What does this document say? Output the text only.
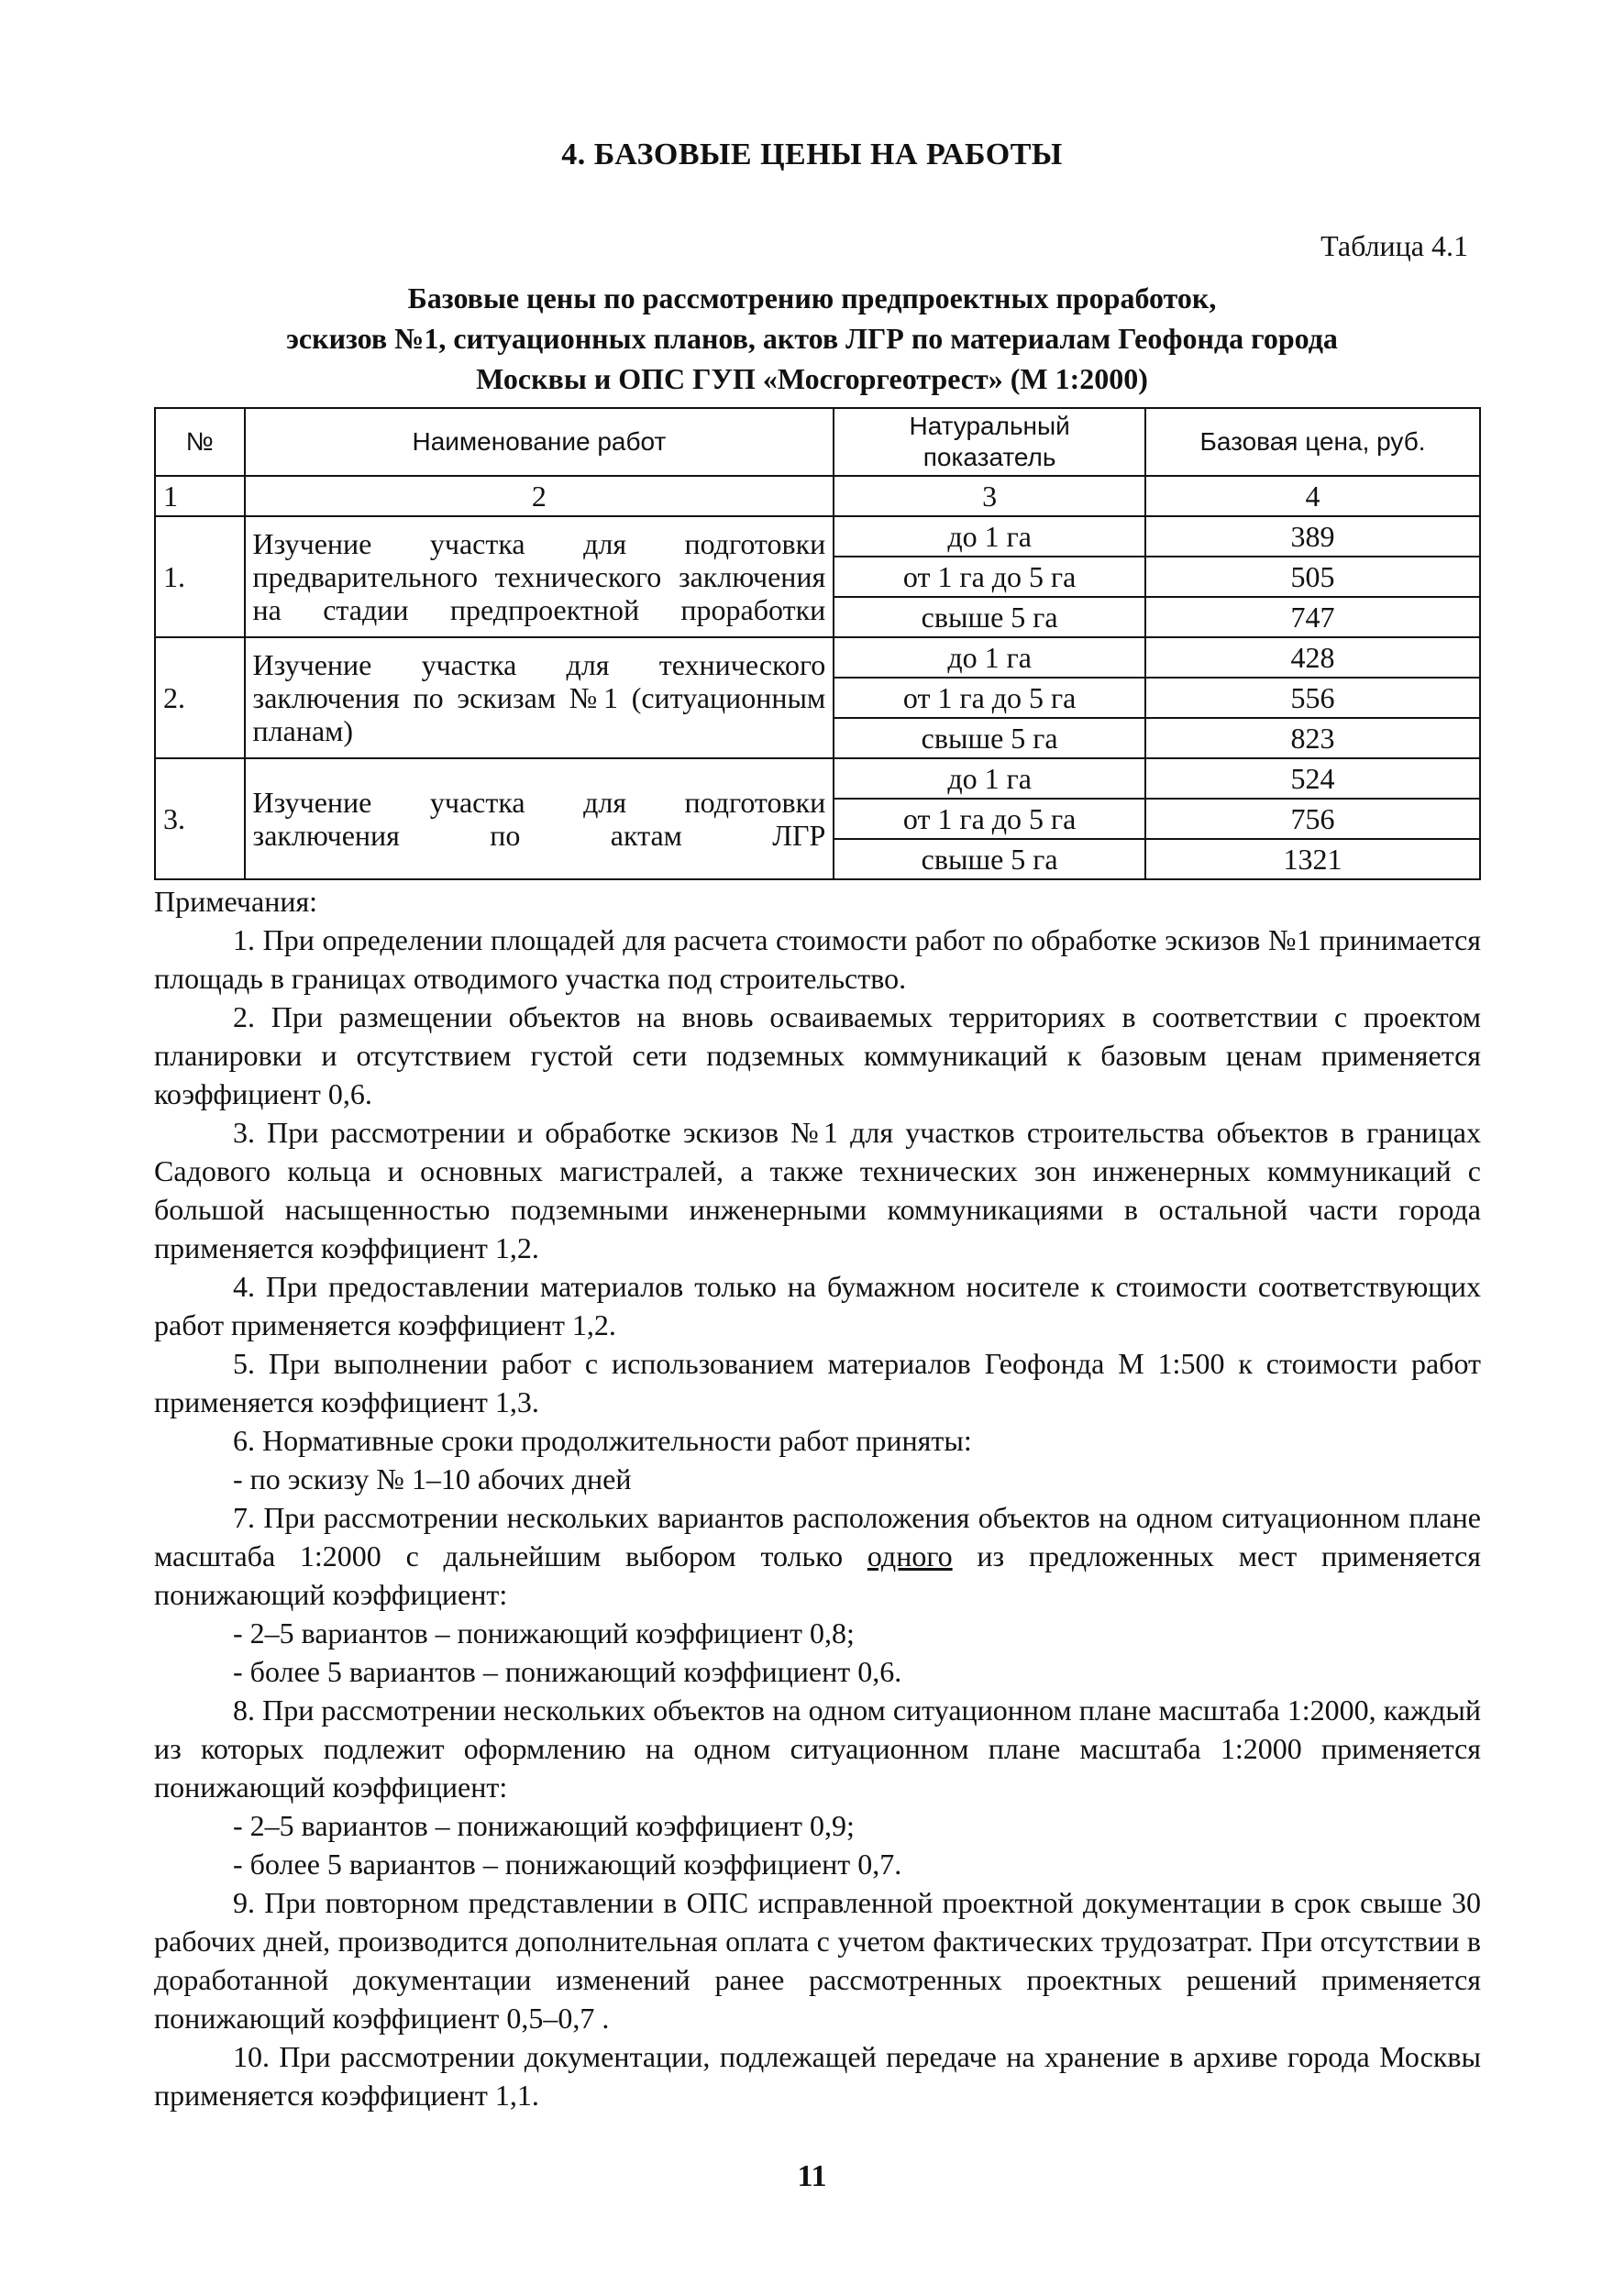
4. БАЗОВЫЕ ЦЕНЫ НА РАБОТЫ
Таблица 4.1
Базовые цены по рассмотрению предпроектных проработок,
эскизов №1, ситуационных планов, актов ЛГР по материалам Геофонда города
Москвы и ОПС ГУП «Мосгоргеотрест» (М 1:2000)
№	Наименование работ	Натуральный показатель	Базовая цена, руб.
1	2	3	4
1.	Изучение участка для подготовки предварительного технического заключения на стадии предпроектной проработки	до 1 га	389
		от 1 га до 5 га	505
		свыше 5 га	747
2.	Изучение участка для технического заключения по эскизам №1 (ситуационным планам)	до 1 га	428
		от 1 га до 5 га	556
		свыше 5 га	823
3.	Изучение участка для подготовки заключения по актам ЛГР	до 1 га	524
		от 1 га до 5 га	756
		свыше 5 га	1321

Примечания:

1. При определении площадей для расчета стоимости работ по обработке эскизов №1 принимается площадь в границах отводимого участка под строительство.

2. При размещении объектов на вновь осваиваемых территориях в соответствии с проектом планировки и отсутствием густой сети подземных коммуникаций к базовым ценам применяется коэффициент 0,6.

3. При рассмотрении и обработке эскизов №1 для участков строительства объектов в границах Садового кольца и основных магистралей, а также технических зон инженерных коммуникаций с большой насыщенностью подземными инженерными коммуникациями в остальной части города применяется коэффициент 1,2.

4. При предоставлении материалов только на бумажном носителе к стоимости соответствующих работ применяется коэффициент 1,2.

5. При выполнении работ с использованием материалов Геофонда М 1:500 к стоимости работ применяется коэффициент 1,3.

6. Нормативные сроки продолжительности работ приняты:

- по эскизу № 1–10 абочих дней

7. При рассмотрении нескольких вариантов расположения объектов на одном ситуационном плане масштаба 1:2000 с дальнейшим выбором только одного из предложенных мест применяется понижающий коэффициент:

- 2–5 вариантов – понижающий коэффициент 0,8;

- более 5 вариантов – понижающий коэффициент 0,6.

8. При рассмотрении нескольких объектов на одном ситуационном плане масштаба 1:2000, каждый из которых подлежит оформлению на одном ситуационном плане масштаба 1:2000 применяется понижающий коэффициент:

- 2–5 вариантов – понижающий коэффициент 0,9;

- более 5 вариантов – понижающий коэффициент 0,7.

9. При повторном представлении в ОПС исправленной проектной документации в срок свыше 30 рабочих дней, производится дополнительная оплата с учетом фактических трудозатрат. При отсутствии в доработанной документации изменений ранее рассмотренных проектных решений применяется понижающий коэффициент 0,5–0,7 .

10. При рассмотрении документации, подлежащей передаче на хранение в архиве города Москвы применяется коэффициент 1,1.

11
